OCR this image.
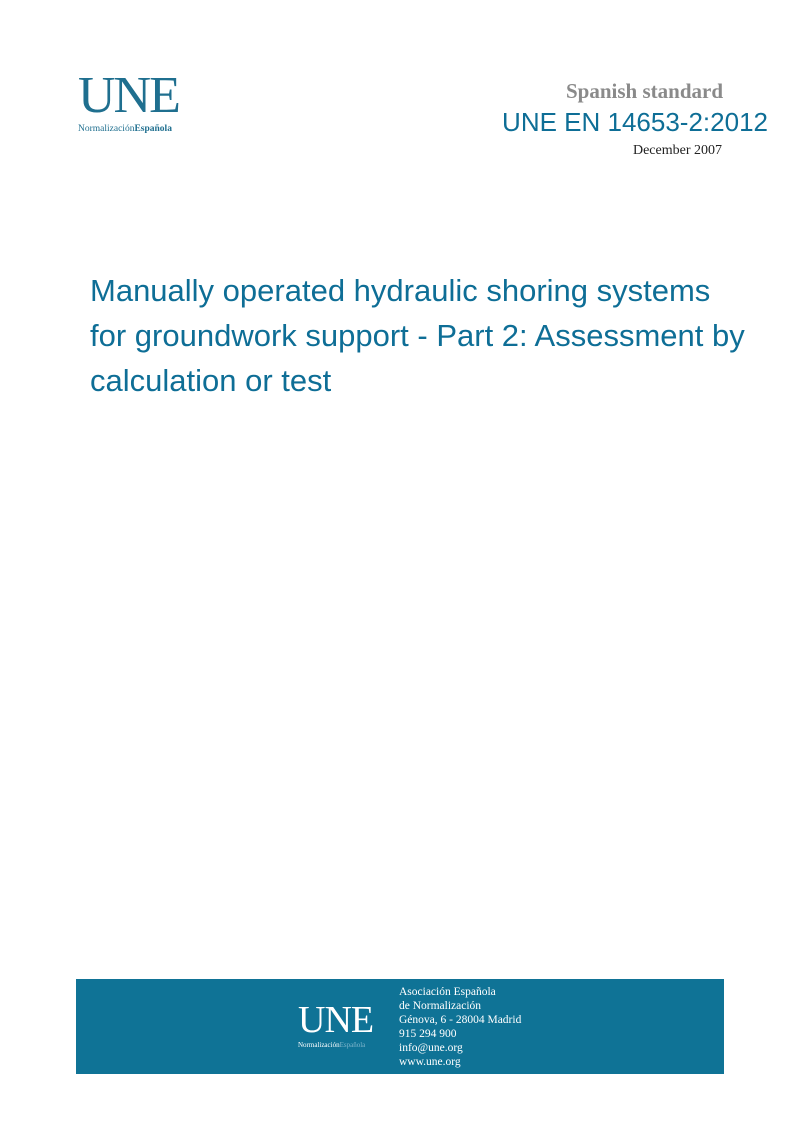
UNE
NormalizaciónEspañola
Spanish standard
UNE EN 14653-2:2012
December 2007
Manually operated hydraulic shoring systems for groundwork support - Part 2: Assessment by calculation or test
UNE
NormalizaciónEspañola
Asociación Española
de Normalización
Génova, 6 - 28004 Madrid
915 294 900
info@une.org
www.une.org
